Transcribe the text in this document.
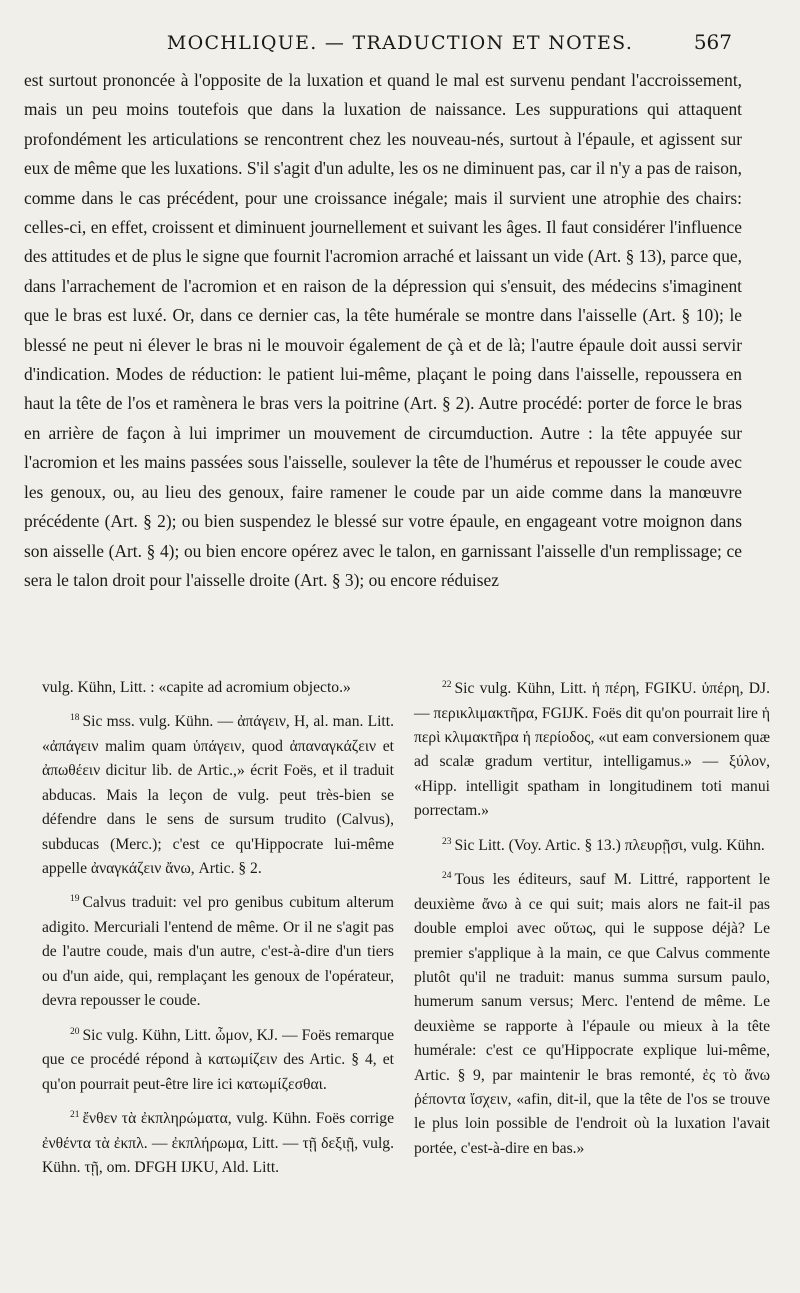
MOCHLIQUE. — TRADUCTION ET NOTES.	567

est surtout prononcée à l'opposite de la luxation et quand le mal est survenu pendant l'accroissement, mais un peu moins toutefois que dans la luxation de naissance. Les suppurations qui attaquent profondément les articulations se rencontrent chez les nouveau-nés, surtout à l'épaule, et agissent sur eux de même que les luxations. S'il s'agit d'un adulte, les os ne diminuent pas, car il n'y a pas de raison, comme dans le cas précédent, pour une croissance inégale; mais il survient une atrophie des chairs: celles-ci, en effet, croissent et diminuent journellement et suivant les âges. Il faut considérer l'influence des attitudes et de plus le signe que fournit l'acromion arraché et laissant un vide (Art. § 13), parce que, dans l'arrachement de l'acromion et en raison de la dépression qui s'ensuit, des médecins s'imaginent que le bras est luxé. Or, dans ce dernier cas, la tête humérale se montre dans l'aisselle (Art. § 10); le blessé ne peut ni élever le bras ni le mouvoir également de çà et de là; l'autre épaule doit aussi servir d'indication. Modes de réduction: le patient lui-même, plaçant le poing dans l'aisselle, repoussera en haut la tête de l'os et ramènera le bras vers la poitrine (Art. § 2). Autre procédé: porter de force le bras en arrière de façon à lui imprimer un mouvement de circumduction. Autre : la tête appuyée sur l'acromion et les mains passées sous l'aisselle, soulever la tête de l'humérus et repousser le coude avec les genoux, ou, au lieu des genoux, faire ramener le coude par un aide comme dans la manœuvre précédente (Art. § 2); ou bien suspendez le blessé sur votre épaule, en engageant votre moignon dans son aisselle (Art. § 4); ou bien encore opérez avec le talon, en garnissant l'aisselle d'un remplissage; ce sera le talon droit pour l'aisselle droite (Art. § 3); ou encore réduisez

vulg. Kühn, Litt. : «capite ad acromium objecto.»

$^{18}$ Sic mss. vulg. Kühn. — ἀπάγειν, H, al. man. Litt. «ἀπάγειν malim quam ὑπάγειν, quod ἀπαναγκάζειν et ἀπωθέειν dicitur lib. de Artic.,» écrit Foës, et il traduit abducas. Mais la leçon de vulg. peut très-bien se défendre dans le sens de sursum trudito (Calvus), subducas (Merc.); c'est ce qu'Hippocrate lui-même appelle ἀναγκάζειν ἄνω, Artic. § 2.

$^{19}$ Calvus traduit: vel pro genibus cubitum alterum adigito. Mercuriali l'entend de même. Or il ne s'agit pas de l'autre coude, mais d'un autre, c'est-à-dire d'un tiers ou d'un aide, qui, remplaçant les genoux de l'opérateur, devra repousser le coude.

$^{20}$ Sic vulg. Kühn, Litt. ὦμον, KJ. — Foës remarque que ce procédé répond à κατωμίζειν des Artic. § 4, et qu'on pourrait peut-être lire ici κατωμίζεσθαι.

$^{21}$ ἔνθεν τὰ ἐκπληρώματα, vulg. Kühn. Foës corrige ἐνθέντα τὰ ἐκπλ. — ἐκπλήρωμα, Litt. — τῇ δεξιῇ, vulg. Kühn. τῇ, om. DFGH IJKU, Ald. Litt.

$^{22}$ Sic vulg. Kühn, Litt. ἡ πέρη, FGIKU. ὑπέρη, DJ. — περικλιμακτῆρα, FGIJK. Foës dit qu'on pourrait lire ἡ περὶ κλιμακτῆρα ἡ περίοδος, «ut eam conversionem quæ ad scalæ gradum vertitur, intelligamus.» — ξύλον, «Hipp. intelligit spatham in longitudinem toti manui porrectam.»

$^{23}$ Sic Litt. (Voy. Artic. § 13.) πλευρῇσι, vulg. Kühn.

$^{24}$ Tous les éditeurs, sauf M. Littré, rapportent le deuxième ἄνω à ce qui suit; mais alors ne fait-il pas double emploi avec οὕτως, qui le suppose déjà? Le premier s'applique à la main, ce que Calvus commente plutôt qu'il ne traduit: manus summa sursum paulo, humerum sanum versus; Merc. l'entend de même. Le deuxième se rapporte à l'épaule ou mieux à la tête humérale: c'est ce qu'Hippocrate explique lui-même, Artic. § 9, par maintenir le bras remonté, ἐς τὸ ἄνω ῥέποντα ἴσχειν, «afin, dit-il, que la tête de l'os se trouve le plus loin possible de l'endroit où la luxation l'avait portée, c'est-à-dire en bas.»
